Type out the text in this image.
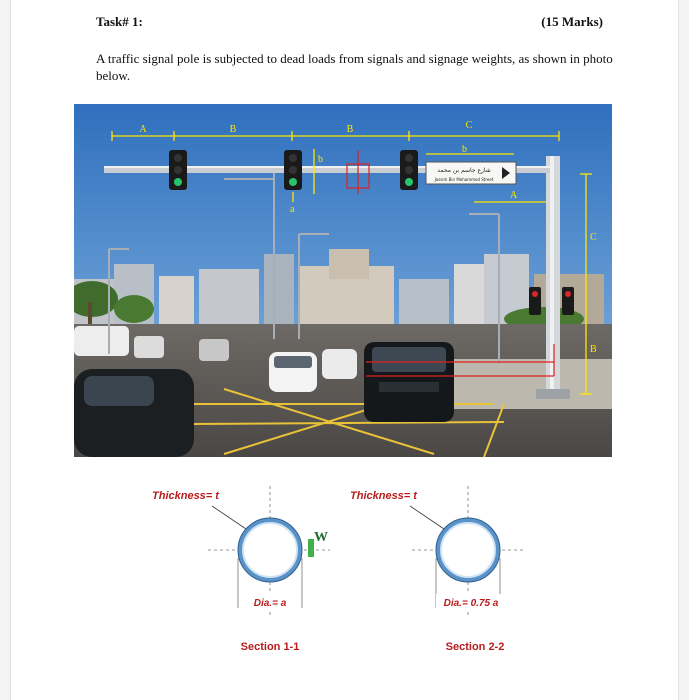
Task# 1:	(15 Marks)
A traffic signal pole is subjected to dead loads from signals and signage weights, as shown in photo below.
شارع جاسم بن محمد
Jassim Bin Mohammed Street
A	B	B	C
b
b
a
A
C
B
Thickness= t
W
Dia.= a
Section 1-1
Thickness= t
Dia.= 0.75 a
Section 2-2
